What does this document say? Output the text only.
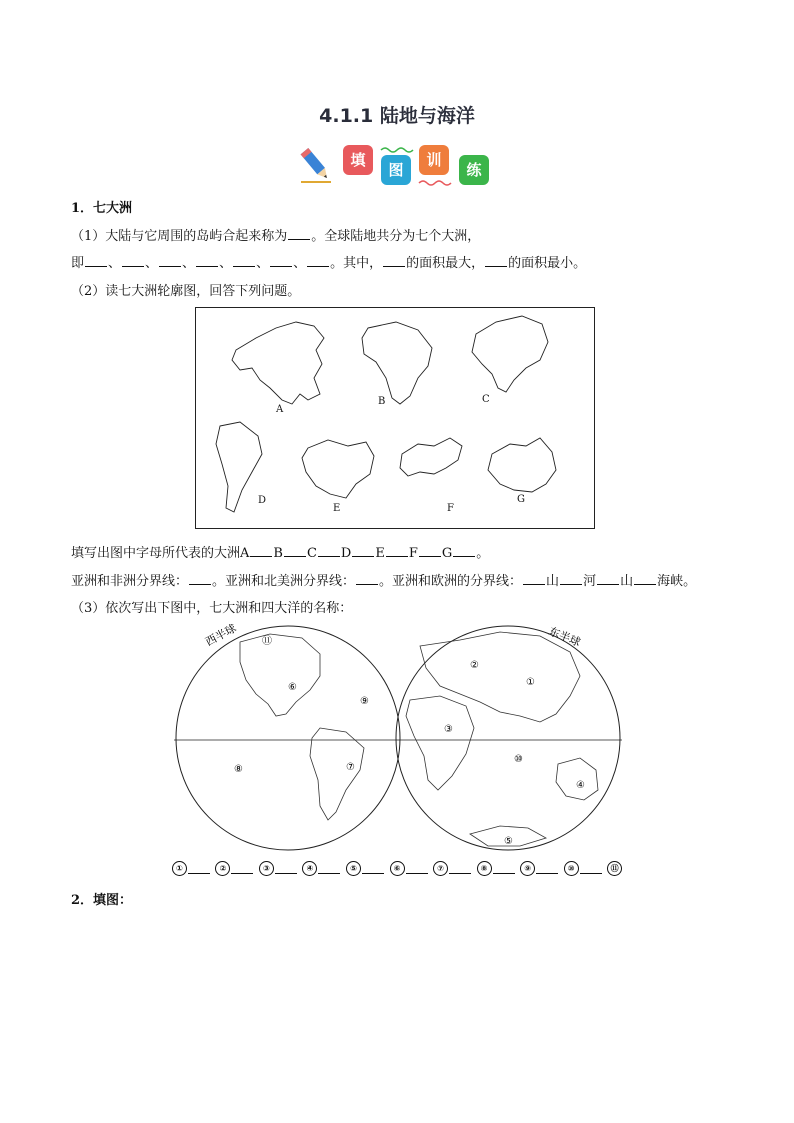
4.1.1 陆地与海洋
填
图
训
练
1．七大洲
（1）大陆与它周围的岛屿合起来称为 。全球陆地共分为七个大洲，
即 、 、 、 、 、 、 。其中， 的面积最大， 的面积最小。
（2）读七大洲轮廓图，回答下列问题。
A
B	C
D
E	F
G
填写出图中字母所代表的大洲A B C D E F G 。
亚洲和非洲分界线： 。亚洲和北美洲分界线： 。亚洲和欧洲的分界线： 山 河 山 海峡。
（3）依次写出下图中，七大洲和四大洋的名称：
西半球	东半球
①
②
③
④
⑤
⑥
⑦
⑧
⑨
⑩
⑪
①	②	③	④	⑤	⑥	⑦	⑧	⑨	⑩	⑪
2．填图：
